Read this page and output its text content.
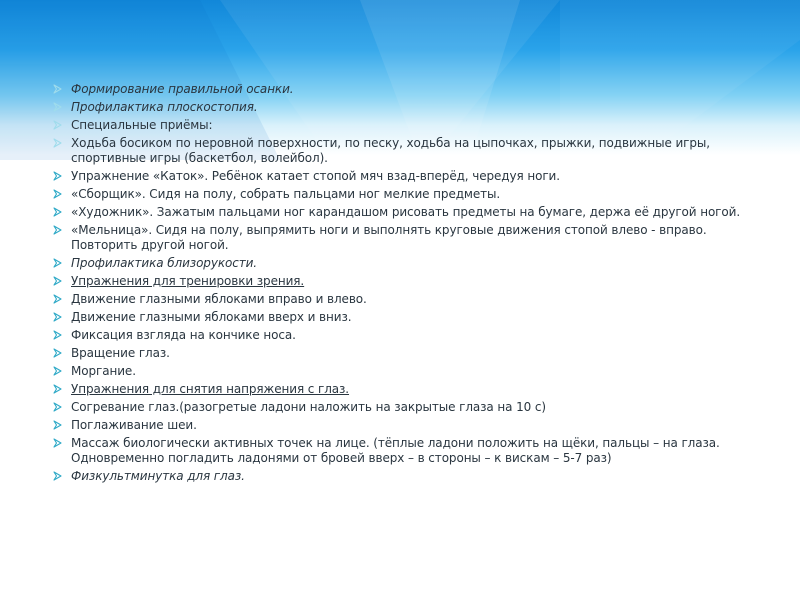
Формирование правильной осанки.
Профилактика плоскостопия.
Специальные приёмы:
Ходьба босиком по неровной поверхности, по песку, ходьба на цыпочках, прыжки, подвижные игры, спортивные игры (баскетбол, волейбол).
Упражнение «Каток». Ребёнок катает стопой мяч взад-вперёд, чередуя ноги.
«Сборщик». Сидя на полу, собрать пальцами ног мелкие предметы.
«Художник». Зажатым пальцами ног карандашом рисовать предметы на бумаге, держа её другой ногой.
«Мельница». Сидя на полу, выпрямить ноги и выполнять круговые движения стопой влево - вправо. Повторить другой ногой.
Профилактика близорукости.
Упражнения для тренировки зрения.
Движение глазными яблоками вправо и влево.
Движение глазными яблоками вверх и вниз.
Фиксация взгляда на кончике носа.
Вращение глаз.
Моргание.
Упражнения для снятия напряжения с глаз.
Согревание глаз.(разогретые ладони наложить на закрытые глаза на 10 с)
Поглаживание шеи.
Массаж биологически активных точек на лице. (тёплые ладони положить на щёки, пальцы – на глаза. Одновременно погладить ладонями от бровей вверх – в стороны – к вискам – 5-7 раз)
Физкультминутка для глаз.
